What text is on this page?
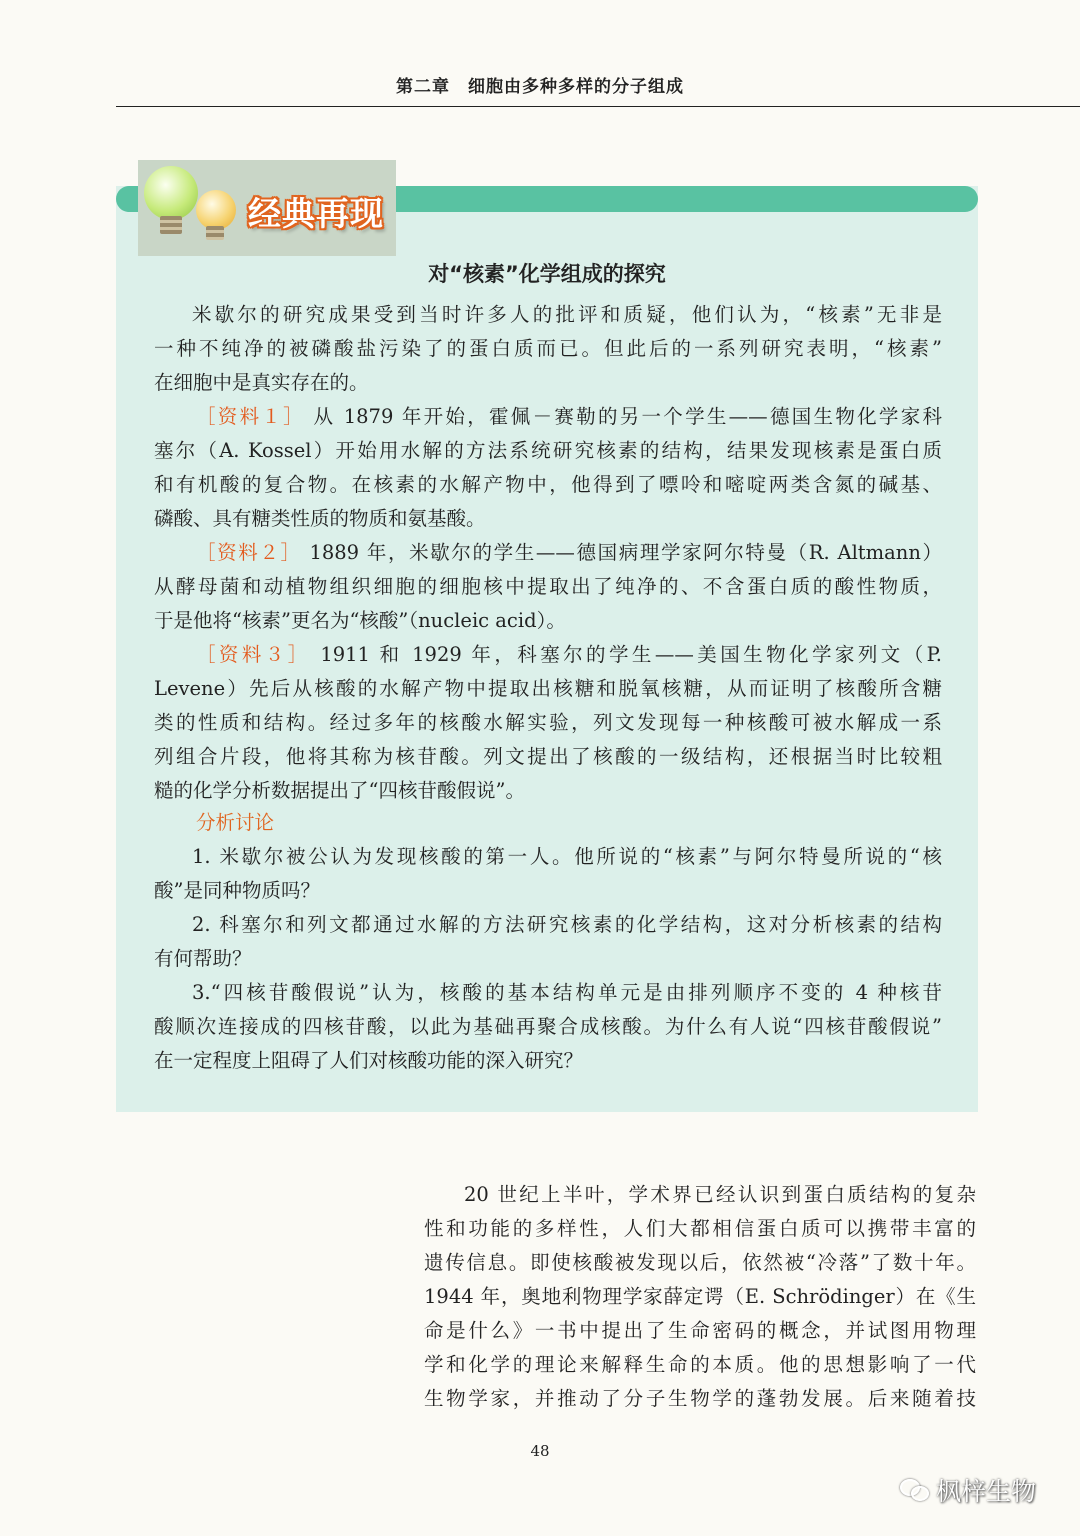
第二章　细胞由多种多样的分子组成
经典再现
对“核素”化学组成的探究
米歇尔的研究成果受到当时许多人的批评和质疑，他们认为，“核素”无非是
一种不纯净的被磷酸盐污染了的蛋白质而已。但此后的一系列研究表明，“核素”
在细胞中是真实存在的。
［资料１］ 从 1879 年开始，霍佩－赛勒的另一个学生——德国生物化学家科
塞尔（A. Kossel）开始用水解的方法系统研究核素的结构，结果发现核素是蛋白质
和有机酸的复合物。在核素的水解产物中，他得到了嘌呤和嘧啶两类含氮的碱基、
磷酸、具有糖类性质的物质和氨基酸。
［资料２］ 1889 年，米歇尔的学生——德国病理学家阿尔特曼（R. Altmann）
从酵母菌和动植物组织细胞的细胞核中提取出了纯净的、不含蛋白质的酸性物质，
于是他将“核素”更名为“核酸”（nucleic acid）。
［资料３］ 1911 和 1929 年，科塞尔的学生——美国生物化学家列文（P.
Levene）先后从核酸的水解产物中提取出核糖和脱氧核糖，从而证明了核酸所含糖
类的性质和结构。经过多年的核酸水解实验，列文发现每一种核酸可被水解成一系
列组合片段，他将其称为核苷酸。列文提出了核酸的一级结构，还根据当时比较粗
糙的化学分析数据提出了“四核苷酸假说”。
分析讨论
1. 米歇尔被公认为发现核酸的第一人。他所说的“核素”与阿尔特曼所说的“核
酸”是同种物质吗？
2. 科塞尔和列文都通过水解的方法研究核素的化学结构，这对分析核素的结构
有何帮助？
3.“四核苷酸假说”认为，核酸的基本结构单元是由排列顺序不变的 4 种核苷
酸顺次连接成的四核苷酸，以此为基础再聚合成核酸。为什么有人说“四核苷酸假说”
在一定程度上阻碍了人们对核酸功能的深入研究？
20 世纪上半叶，学术界已经认识到蛋白质结构的复杂
性和功能的多样性，人们大都相信蛋白质可以携带丰富的
遗传信息。即使核酸被发现以后，依然被“冷落”了数十年。
1944 年，奥地利物理学家薛定谔（E. Schrödinger）在《生
命是什么》一书中提出了生命密码的概念，并试图用物理
学和化学的理论来解释生命的本质。他的思想影响了一代
生物学家，并推动了分子生物学的蓬勃发展。后来随着技
48
枫梓生物
